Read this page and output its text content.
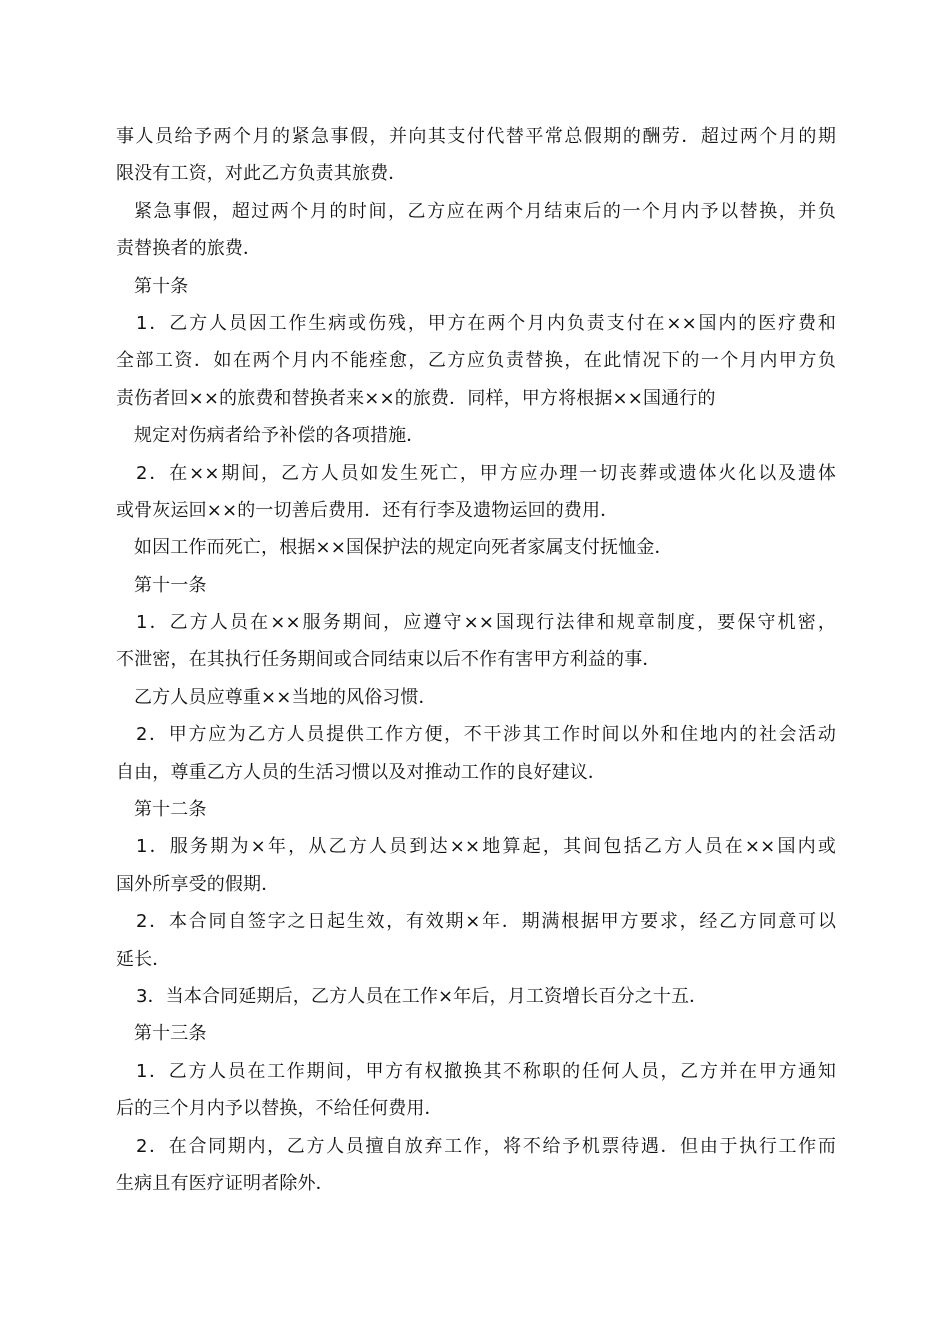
事人员给予两个月的紧急事假，并向其支付代替平常总假期的酬劳．超过两个月的期
限没有工资，对此乙方负责其旅费．
紧急事假，超过两个月的时间，乙方应在两个月结束后的一个月内予以替换，并负
责替换者的旅费．
第十条
1．乙方人员因工作生病或伤残，甲方在两个月内负责支付在××国内的医疗费和
全部工资．如在两个月内不能痊愈，乙方应负责替换，在此情况下的一个月内甲方负
责伤者回××的旅费和替换者来××的旅费．同样，甲方将根据××国通行的
规定对伤病者给予补偿的各项措施．
2．在××期间，乙方人员如发生死亡，甲方应办理一切丧葬或遗体火化以及遗体
或骨灰运回××的一切善后费用．还有行李及遗物运回的费用．
如因工作而死亡，根据××国保护法的规定向死者家属支付抚恤金．
第十一条
1．乙方人员在××服务期间，应遵守××国现行法律和规章制度，要保守机密，
不泄密，在其执行任务期间或合同结束以后不作有害甲方利益的事．
乙方人员应尊重××当地的风俗习惯．
2．甲方应为乙方人员提供工作方便，不干涉其工作时间以外和住地内的社会活动
自由，尊重乙方人员的生活习惯以及对推动工作的良好建议．
第十二条
1．服务期为×年，从乙方人员到达××地算起，其间包括乙方人员在××国内或
国外所享受的假期．
2．本合同自签字之日起生效，有效期×年．期满根据甲方要求，经乙方同意可以
延长．
3．当本合同延期后，乙方人员在工作×年后，月工资增长百分之十五．
第十三条
1．乙方人员在工作期间，甲方有权撤换其不称职的任何人员，乙方并在甲方通知
后的三个月内予以替换，不给任何费用．
2．在合同期内，乙方人员擅自放弃工作，将不给予机票待遇．但由于执行工作而
生病且有医疗证明者除外．
